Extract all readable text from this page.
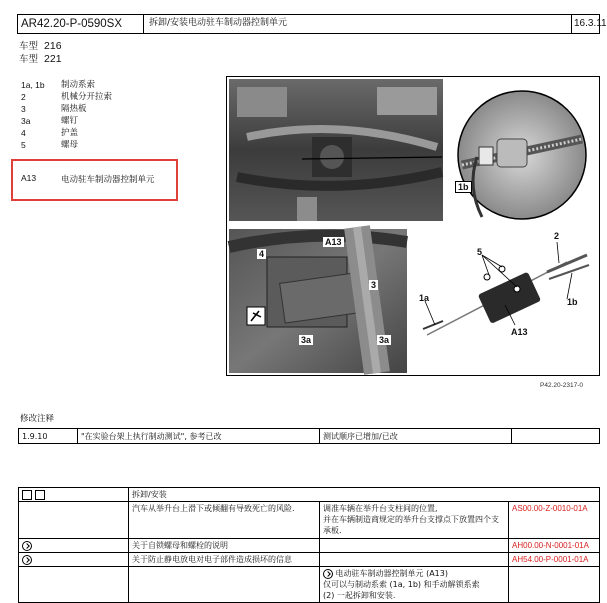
AR42.20-P-0590SX	拆卸/安装电动驻车制动器控制单元	16.3.11
车型 216
车型 221
1a, 1b	制动系索
2	机械分开拉索
3	隔热板
3a	螺钉
4	护盖
5	螺母
A13	电动驻车制动器控制单元
1b
A13
4
3
3a	3a
5
2
1a	1b
A13
P42.20-2317-0
修改注释
1.9.10	"在实验台架上执行制动测试", 参考已改	测试顺序已增加/已改	
	拆卸/安装		
	汽车从举升台上滑下或倾翻有导致死亡的风险.	调准车辆在举升台支柱间的位置,
并在车辆制造商规定的举升台支撑点下放置四个支承板.	AS00.00-Z-0010-01A
	关于自锁螺母和螺栓的说明		AH00.00-N-0001-01A
	关于防止静电放电对电子部件造成损坏的信息		AH54.00-P-0001-01A
		电动驻车制动器控制单元 (A13)
仅可以与制动系索 (1a, 1b) 和手动解锁系索
(2) 一起拆卸和安装.	
